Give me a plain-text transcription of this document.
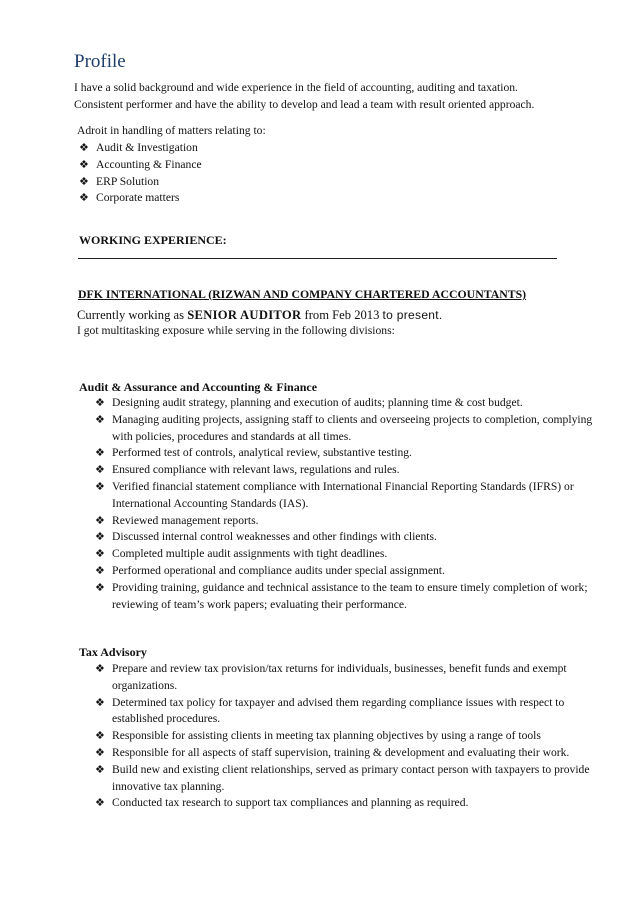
Profile
I have a solid background and wide experience in the field of accounting, auditing and taxation.
Consistent performer and have the ability to develop and lead a team with result oriented approach.
Adroit in handling of matters relating to:
❖ Audit & Investigation
❖ Accounting & Finance
❖ ERP Solution
❖ Corporate matters
WORKING EXPERIENCE:
DFK INTERNATIONAL (RIZWAN AND COMPANY CHARTERED ACCOUNTANTS)
Currently working as SENIOR AUDITOR from Feb 2013 to present.
I got multitasking exposure while serving in the following divisions:
Audit & Assurance and Accounting & Finance
❖ Designing audit strategy, planning and execution of audits; planning time & cost budget.
❖ Managing auditing projects, assigning staff to clients and overseeing projects to completion, complying
with policies, procedures and standards at all times.
❖ Performed test of controls, analytical review, substantive testing.
❖ Ensured compliance with relevant laws, regulations and rules.
❖ Verified financial statement compliance with International Financial Reporting Standards (IFRS) or
International Accounting Standards (IAS).
❖ Reviewed management reports.
❖ Discussed internal control weaknesses and other findings with clients.
❖ Completed multiple audit assignments with tight deadlines.
❖ Performed operational and compliance audits under special assignment.
❖ Providing training, guidance and technical assistance to the team to ensure timely completion of work;
reviewing of team’s work papers; evaluating their performance.
Tax Advisory
❖ Prepare and review tax provision/tax returns for individuals, businesses, benefit funds and exempt
organizations.
❖ Determined tax policy for taxpayer and advised them regarding compliance issues with respect to
established procedures.
❖ Responsible for assisting clients in meeting tax planning objectives by using a range of tools
❖ Responsible for all aspects of staff supervision, training & development and evaluating their work.
❖ Build new and existing client relationships, served as primary contact person with taxpayers to provide
innovative tax planning.
❖ Conducted tax research to support tax compliances and planning as required.
